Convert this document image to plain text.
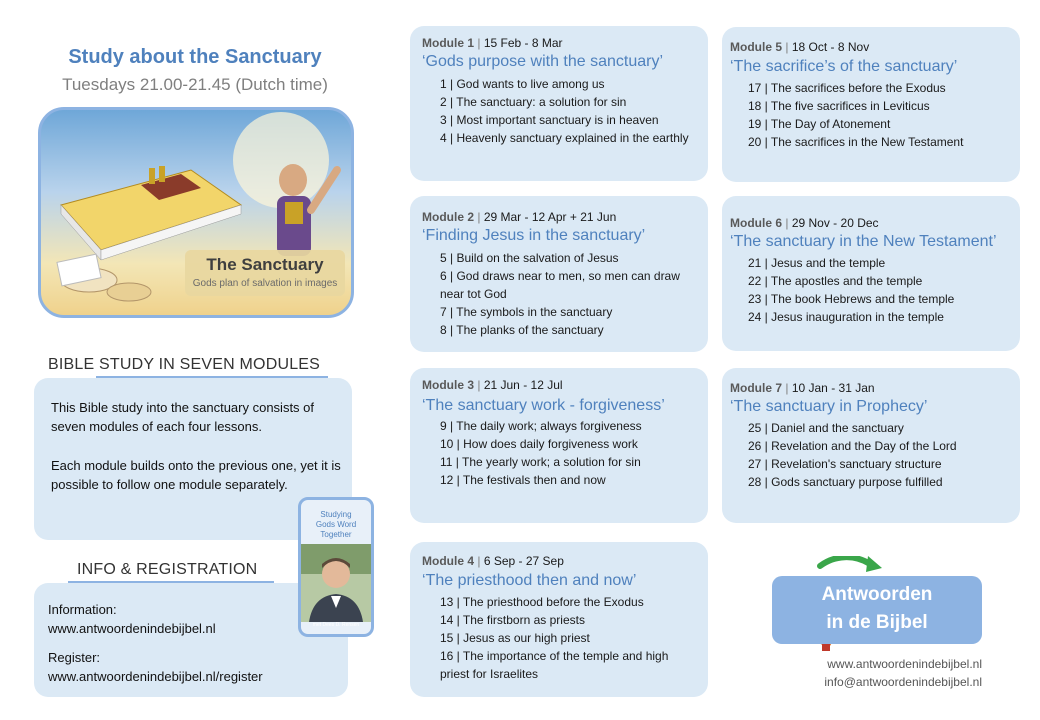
Study about the Sanctuary
Tuesdays 21.00-21.45 (Dutch time)
The Sanctuary
Gods plan of salvation in images
BIBLE STUDY IN SEVEN MODULES
This Bible study into the sanctuary consists of seven modules of each four lessons.
Each module builds onto the previous one, yet it is possible to follow one module separately.
INFO & REGISTRATION
Information:
www.antwoordenindebijbel.nl
Register:
www.antwoordenindebijbel.nl/register
Studying
Gods Word
Together
met Dees D. Rensen
Module 1 | 15 Feb - 8 Mar
‘Gods purpose with the sanctuary’
1 | God wants to live among us
2 | The sanctuary: a solution for sin
3 | Most important sanctuary is in heaven
4 | Heavenly sanctuary explained in the earthly
Module 2 | 29 Mar - 12 Apr + 21 Jun
‘Finding Jesus in the sanctuary’
5 | Build on the salvation of Jesus
6 | God draws near to men, so men can draw near tot God
7 | The symbols in the sanctuary
8 | The planks of the sanctuary
Module 3 | 21 Jun - 12 Jul
‘The sanctuary work - forgiveness’
9 | The daily work; always forgiveness
10 | How does daily forgiveness work
11 | The yearly work; a solution for sin
12 | The festivals then and now
Module 4 | 6 Sep - 27 Sep
‘The priesthood then and now’
13 | The priesthood before the Exodus
14 | The firstborn as priests
15 | Jesus as our high priest
16 | The importance of the temple and high priest for Israelites
Module 5 | 18 Oct - 8 Nov
‘The sacrifice’s of the sanctuary’
17 | The sacrifices before the Exodus
18 | The five sacrifices in Leviticus
19 | The Day of Atonement
20 | The sacrifices in the New Testament
Module 6 | 29 Nov - 20 Dec
‘The sanctuary in the New Testament’
21 | Jesus and the temple
22 | The apostles and the temple
23 | The book Hebrews and the temple
24 | Jesus inauguration in the temple
Module 7 | 10 Jan - 31 Jan
‘The sanctuary in Prophecy’
25 | Daniel and the sanctuary
26 | Revelation and the Day of the Lord
27 | Revelation's sanctuary structure
28 | Gods sanctuary purpose fulfilled
Antwoorden
in de Bijbel
www.antwoordenindebijbel.nl
info@antwoordenindebijbel.nl
